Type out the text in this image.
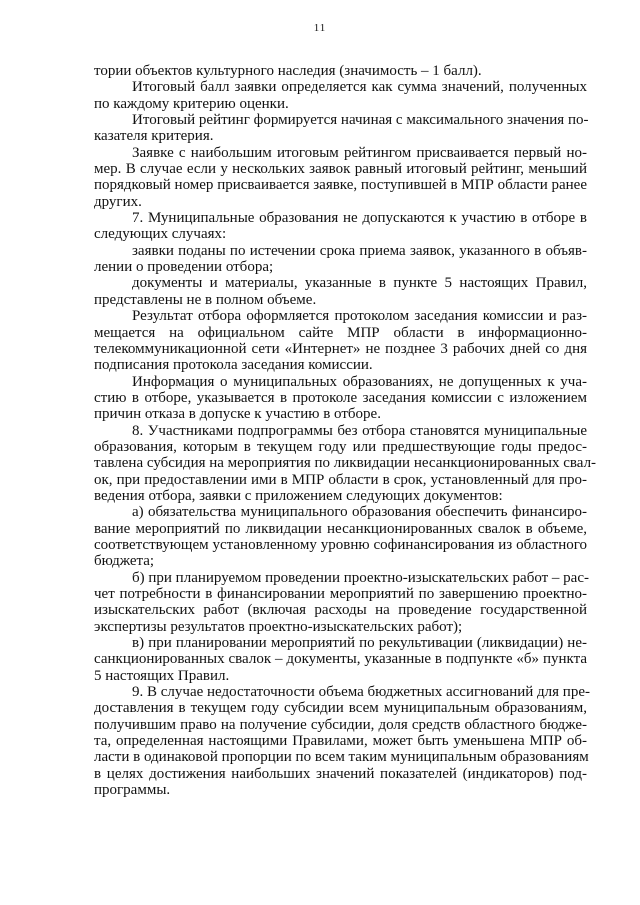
11
тории объектов культурного наследия (значимость – 1 балл).
Итоговый балл заявки определяется как сумма значений, полученных
по каждому критерию оценки.
Итоговый рейтинг формируется начиная с максимального значения по-
казателя критерия.
Заявке с наибольшим итоговым рейтингом присваивается первый но-
мер. В случае если у нескольких заявок равный итоговый рейтинг, меньший
порядковый номер присваивается заявке, поступившей в МПР области ранее
других.
7. Муниципальные образования не допускаются к участию в отборе в
следующих случаях:
заявки поданы по истечении срока приема заявок, указанного в объяв-
лении о проведении отбора;
документы и материалы, указанные в пункте 5 настоящих Правил,
представлены не в полном объеме.
Результат отбора оформляется протоколом заседания комиссии и раз-
мещается на официальном сайте МПР области в информационно-
телекоммуникационной сети «Интернет» не позднее 3 рабочих дней со дня
подписания протокола заседания комиссии.
Информация о муниципальных образованиях, не допущенных к уча-
стию в отборе, указывается в протоколе заседания комиссии с изложением
причин отказа в допуске к участию в отборе.
8. Участниками подпрограммы без отбора становятся муниципальные
образования, которым в текущем году или предшествующие годы предос-
тавлена субсидия на мероприятия по ликвидации несанкционированных свал-
ок, при предоставлении ими в МПР области в срок, установленный для про-
ведения отбора, заявки с приложением следующих документов:
а) обязательства муниципального образования обеспечить финансиро-
вание мероприятий по ликвидации несанкционированных свалок в объеме,
соответствующем установленному уровню софинансирования из областного
бюджета;
б) при планируемом проведении проектно-изыскательских работ – рас-
чет потребности в финансировании мероприятий по завершению проектно-
изыскательских работ (включая расходы на проведение государственной
экспертизы результатов проектно-изыскательских работ);
в) при планировании мероприятий по рекультивации (ликвидации) не-
санкционированных свалок – документы, указанные в подпункте «б» пункта
5 настоящих Правил.
9. В случае недостаточности объема бюджетных ассигнований для пре-
доставления в текущем году субсидии всем муниципальным образованиям,
получившим право на получение субсидии, доля средств областного бюдже-
та, определенная настоящими Правилами, может быть уменьшена МПР об-
ласти в одинаковой пропорции по всем таким муниципальным образованиям
в целях достижения наибольших значений показателей (индикаторов) под-
программы.
